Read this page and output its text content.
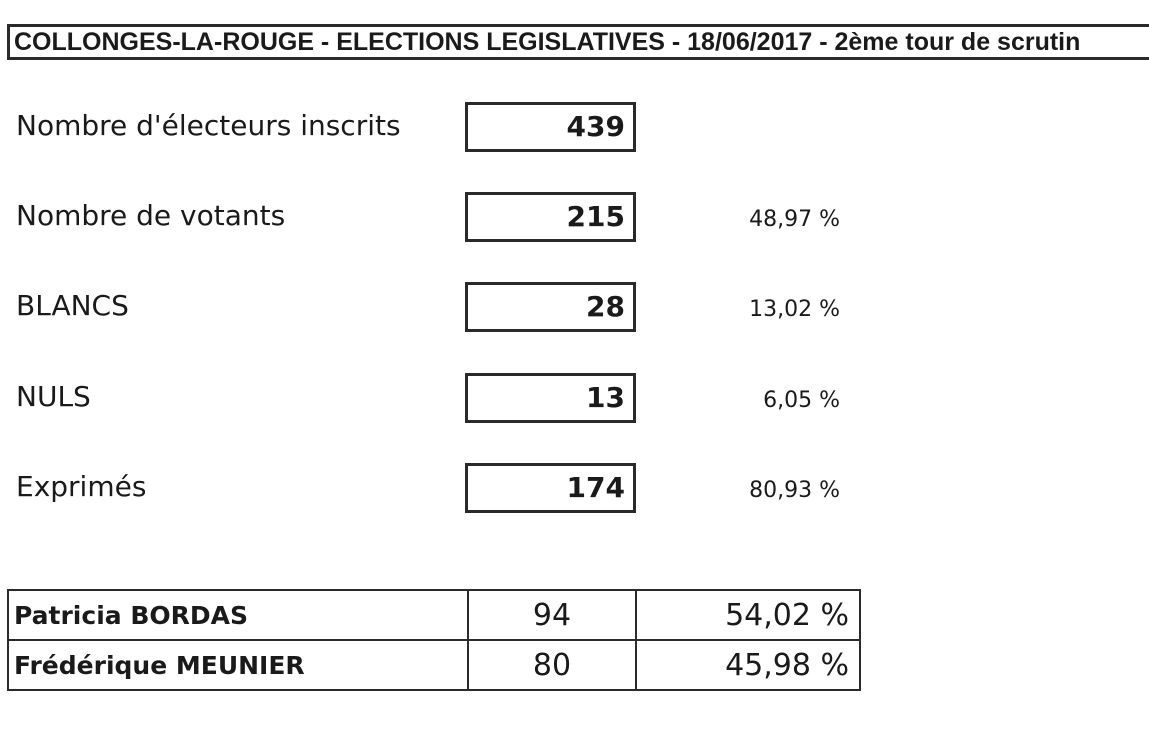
COLLONGES-LA-ROUGE - ELECTIONS LEGISLATIVES - 18/06/2017 - 2ème tour de scrutin
Nombre d'électeurs inscrits	439
Nombre de votants	215	48,97 %
BLANCS	28	13,02 %
NULS	13	6,05 %
Exprimés	174	80,93 %
Patricia BORDAS	94	54,02 %
Frédérique MEUNIER	80	45,98 %
